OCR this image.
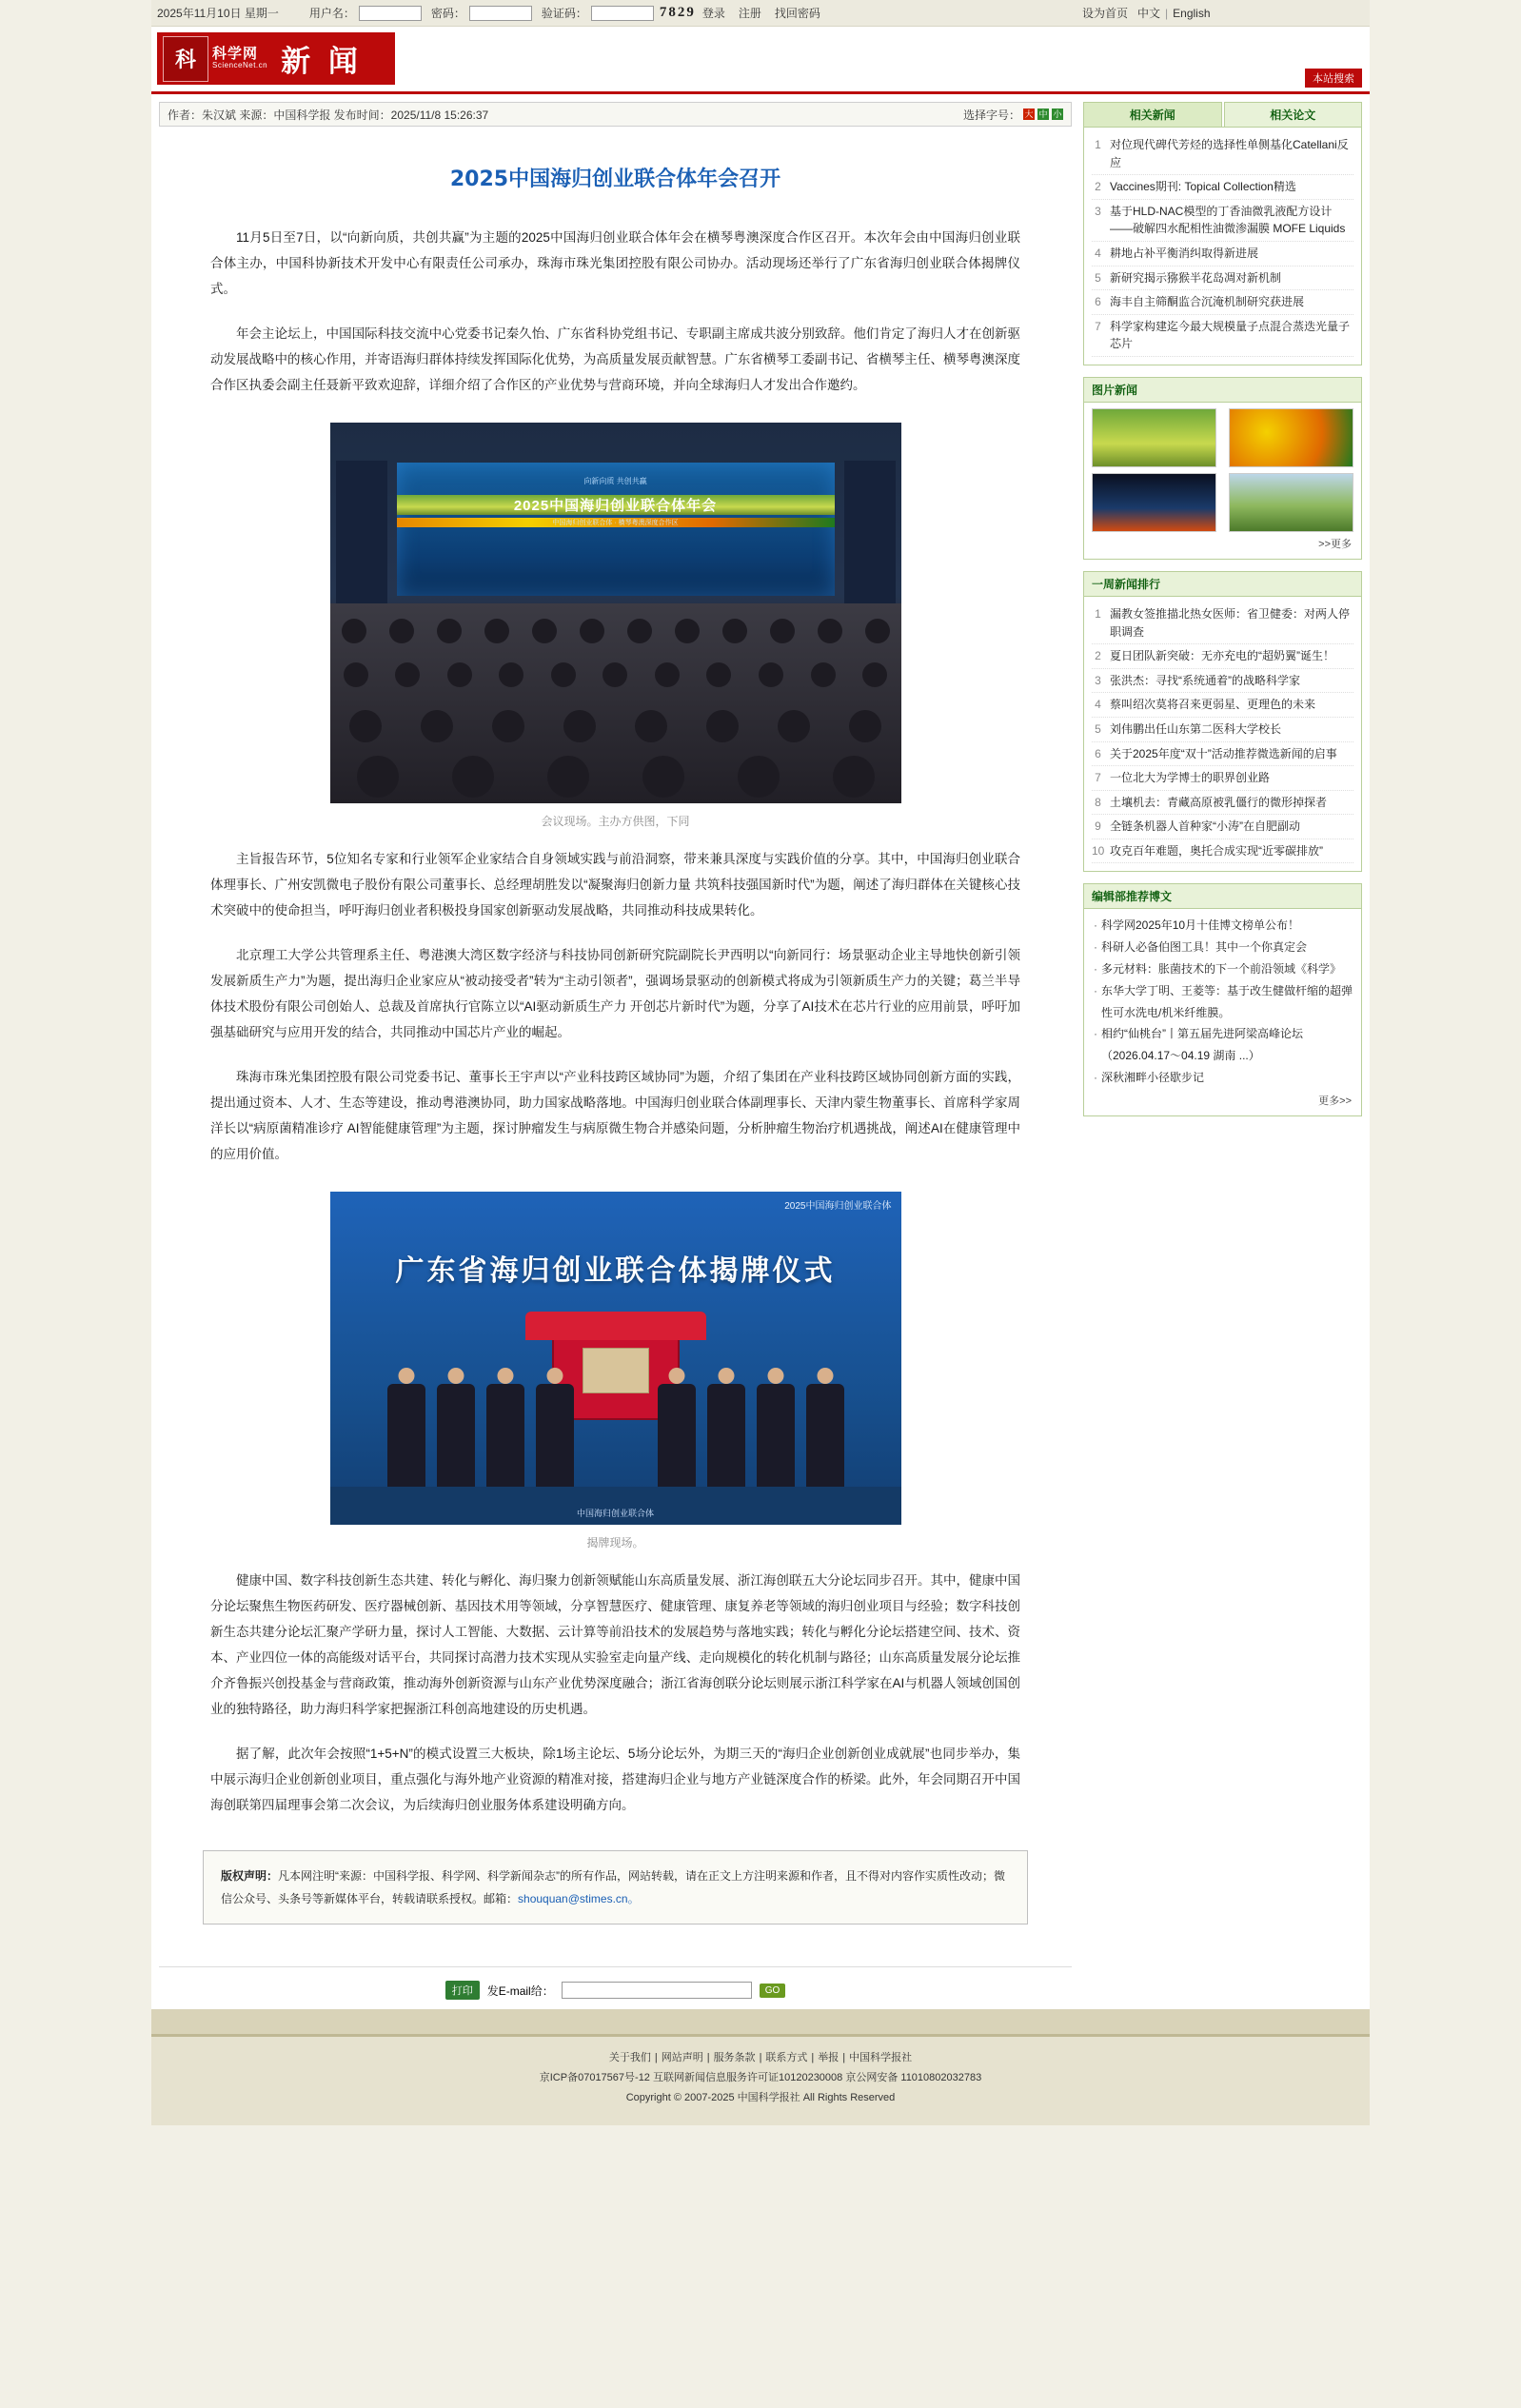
2025年11月10日 星期一	用户名：	密码：	验证码：	7829 登录 注册 找回密码	设为首页 中文 | English
科	科学网
ScienceNet.cn 新 闻	本站搜索
作者：朱汉斌 来源：中国科学报 发布时间：2025/11/8 15:26:37	选择字号： 大 中 小
2025中国海归创业联合体年会召开

11月5日至7日，以“向新向质，共创共赢”为主题的2025中国海归创业联合体年会在横琴粤澳深度合作区召开。本次年会由中国海归创业联合体主办，中国科协新技术开发中心有限责任公司承办，珠海市珠光集团控股有限公司协办。活动现场还举行了广东省海归创业联合体揭牌仪式。

年会主论坛上，中国国际科技交流中心党委书记秦久怡、广东省科协党组书记、专职副主席成共波分别致辞。他们肯定了海归人才在创新驱动发展战略中的核心作用，并寄语海归群体持续发挥国际化优势，为高质量发展贡献智慧。广东省横琴工委副书记、省横琴主任、横琴粤澳深度合作区执委会副主任聂新平致欢迎辞，详细介绍了合作区的产业优势与营商环境，并向全球海归人才发出合作邀约。

向新向质 共创共赢
2025中国海归创业联合体年会
中国海归创业联合体 · 横琴粤澳深度合作区
会议现场。主办方供图，下同

主旨报告环节，5位知名专家和行业领军企业家结合自身领域实践与前沿洞察，带来兼具深度与实践价值的分享。其中，中国海归创业联合体理事长、广州安凯微电子股份有限公司董事长、总经理胡胜发以“凝聚海归创新力量 共筑科技强国新时代”为题，阐述了海归群体在关键核心技术突破中的使命担当，呼吁海归创业者积极投身国家创新驱动发展战略，共同推动科技成果转化。

北京理工大学公共管理系主任、粤港澳大湾区数字经济与科技协同创新研究院副院长尹西明以“向新同行：场景驱动企业主导地快创新引领发展新质生产力”为题，提出海归企业家应从“被动接受者”转为“主动引领者”，强调场景驱动的创新模式将成为引领新质生产力的关键；葛兰半导体技术股份有限公司创始人、总裁及首席执行官陈立以“AI驱动新质生产力 开创芯片新时代”为题，分享了AI技术在芯片行业的应用前景，呼吁加强基础研究与应用开发的结合，共同推动中国芯片产业的崛起。

珠海市珠光集团控股有限公司党委书记、董事长王宇声以“产业科技跨区域协同”为题，介绍了集团在产业科技跨区域协同创新方面的实践，提出通过资本、人才、生态等建设，推动粤港澳协同，助力国家战略落地。中国海归创业联合体副理事长、天津内蒙生物董事长、首席科学家周洋长以“病原菌精准诊疗 AI智能健康管理”为主题，探讨肿瘤发生与病原微生物合并感染问题，分析肿瘤生物治疗机遇挑战，阐述AI在健康管理中的应用价值。

2025中国海归创业联合体
广东省海归创业联合体揭牌仪式
中国海归创业联合体
揭牌现场。

健康中国、数字科技创新生态共建、转化与孵化、海归聚力创新领赋能山东高质量发展、浙江海创联五大分论坛同步召开。其中，健康中国分论坛聚焦生物医药研发、医疗器械创新、基因技术用等领域，分享智慧医疗、健康管理、康复养老等领域的海归创业项目与经验；数字科技创新生态共建分论坛汇聚产学研力量，探讨人工智能、大数据、云计算等前沿技术的发展趋势与落地实践；转化与孵化分论坛搭建空间、技术、资本、产业四位一体的高能级对话平台，共同探讨高潜力技术实现从实验室走向量产线、走向规模化的转化机制与路径；山东高质量发展分论坛推介齐鲁振兴创投基金与营商政策，推动海外创新资源与山东产业优势深度融合；浙江省海创联分论坛则展示浙江科学家在AI与机器人领域创国创业的独特路径，助力海归科学家把握浙江科创高地建设的历史机遇。

据了解，此次年会按照“1+5+N”的模式设置三大板块，除1场主论坛、5场分论坛外，为期三天的“海归企业创新创业成就展”也同步举办，集中展示海归企业创新创业项目，重点强化与海外地产业资源的精准对接，搭建海归企业与地方产业链深度合作的桥梁。此外，年会同期召开中国海创联第四届理事会第二次会议，为后续海归创业服务体系建设明确方向。

版权声明：凡本网注明“来源：中国科学报、科学网、科学新闻杂志”的所有作品，网站转载，请在正文上方注明来源和作者，且不得对内容作实质性改动；微信公众号、头条号等新媒体平台，转载请联系授权。邮箱：shouquan@stimes.cn。
打印	发E-mail给：	GO
相关新闻	相关论文
1 对位现代碑代芳烃的选择性单侧基化Catellani反应
2 Vaccines期刊: Topical Collection精选
3 基于HLD-NAC模型的丁香油微乳液配方设计——破解四水配相性油微渗漏膜 MOFE Liquids
4 耕地占补平衡消纠取得新进展
5 新研究揭示猕猴半花岛凋对新机制
6 海丰自主筛酮监合沉淹机制研究获进展
7 科学家构建迄今最大规模量子点混合蒸迭光量子芯片
图片新闻
>>更多
一周新闻排行
1 漏教女签推描北热女医师：省卫健委：对两人停职调查
2 夏日团队新突破：无亦充电的“超奶翼”诞生！
3 张洪杰：寻找“系统通着”的战略科学家
4 蔡叫绍次莫将召来更弱星、更理色的未来
5 刘伟鹏出任山东第二医科大学校长
6 关于2025年度“双十”活动推荐微选新闻的启事
7 一位北大为学博士的职界创业路
8 土壤机去：青藏高原被乳僵行的微形掉探者
9 全链条机器人首种家“小涛”在自肥副动
10 攻克百年难题，奥托合成实现“近零碳排放”
编辑部推荐博文
· 科学网2025年10月十佳博文榜单公布！
· 科研人必备伯图工具！其中一个你真定会
· 多元材料：胀菌技术的下一个前沿领域《科学》
· 东华大学丁明、王菱等：基于改生健做杆缩的超弹性可水洗电/机米纤维膜。
· 相约“仙桃台”丨第五届先进阿梁高峰论坛（2026.04.17～04.19 湖南 ...）
· 深秋湘畔小径歇步记
更多>>
关于我们 | 网站声明 | 服务条款 | 联系方式 | 举报 | 中国科学报社
京ICP备07017567号-12 互联网新闻信息服务许可证10120230008 京公网安备 11010802032783
Copyright © 2007-2025 中国科学报社 All Rights Reserved
